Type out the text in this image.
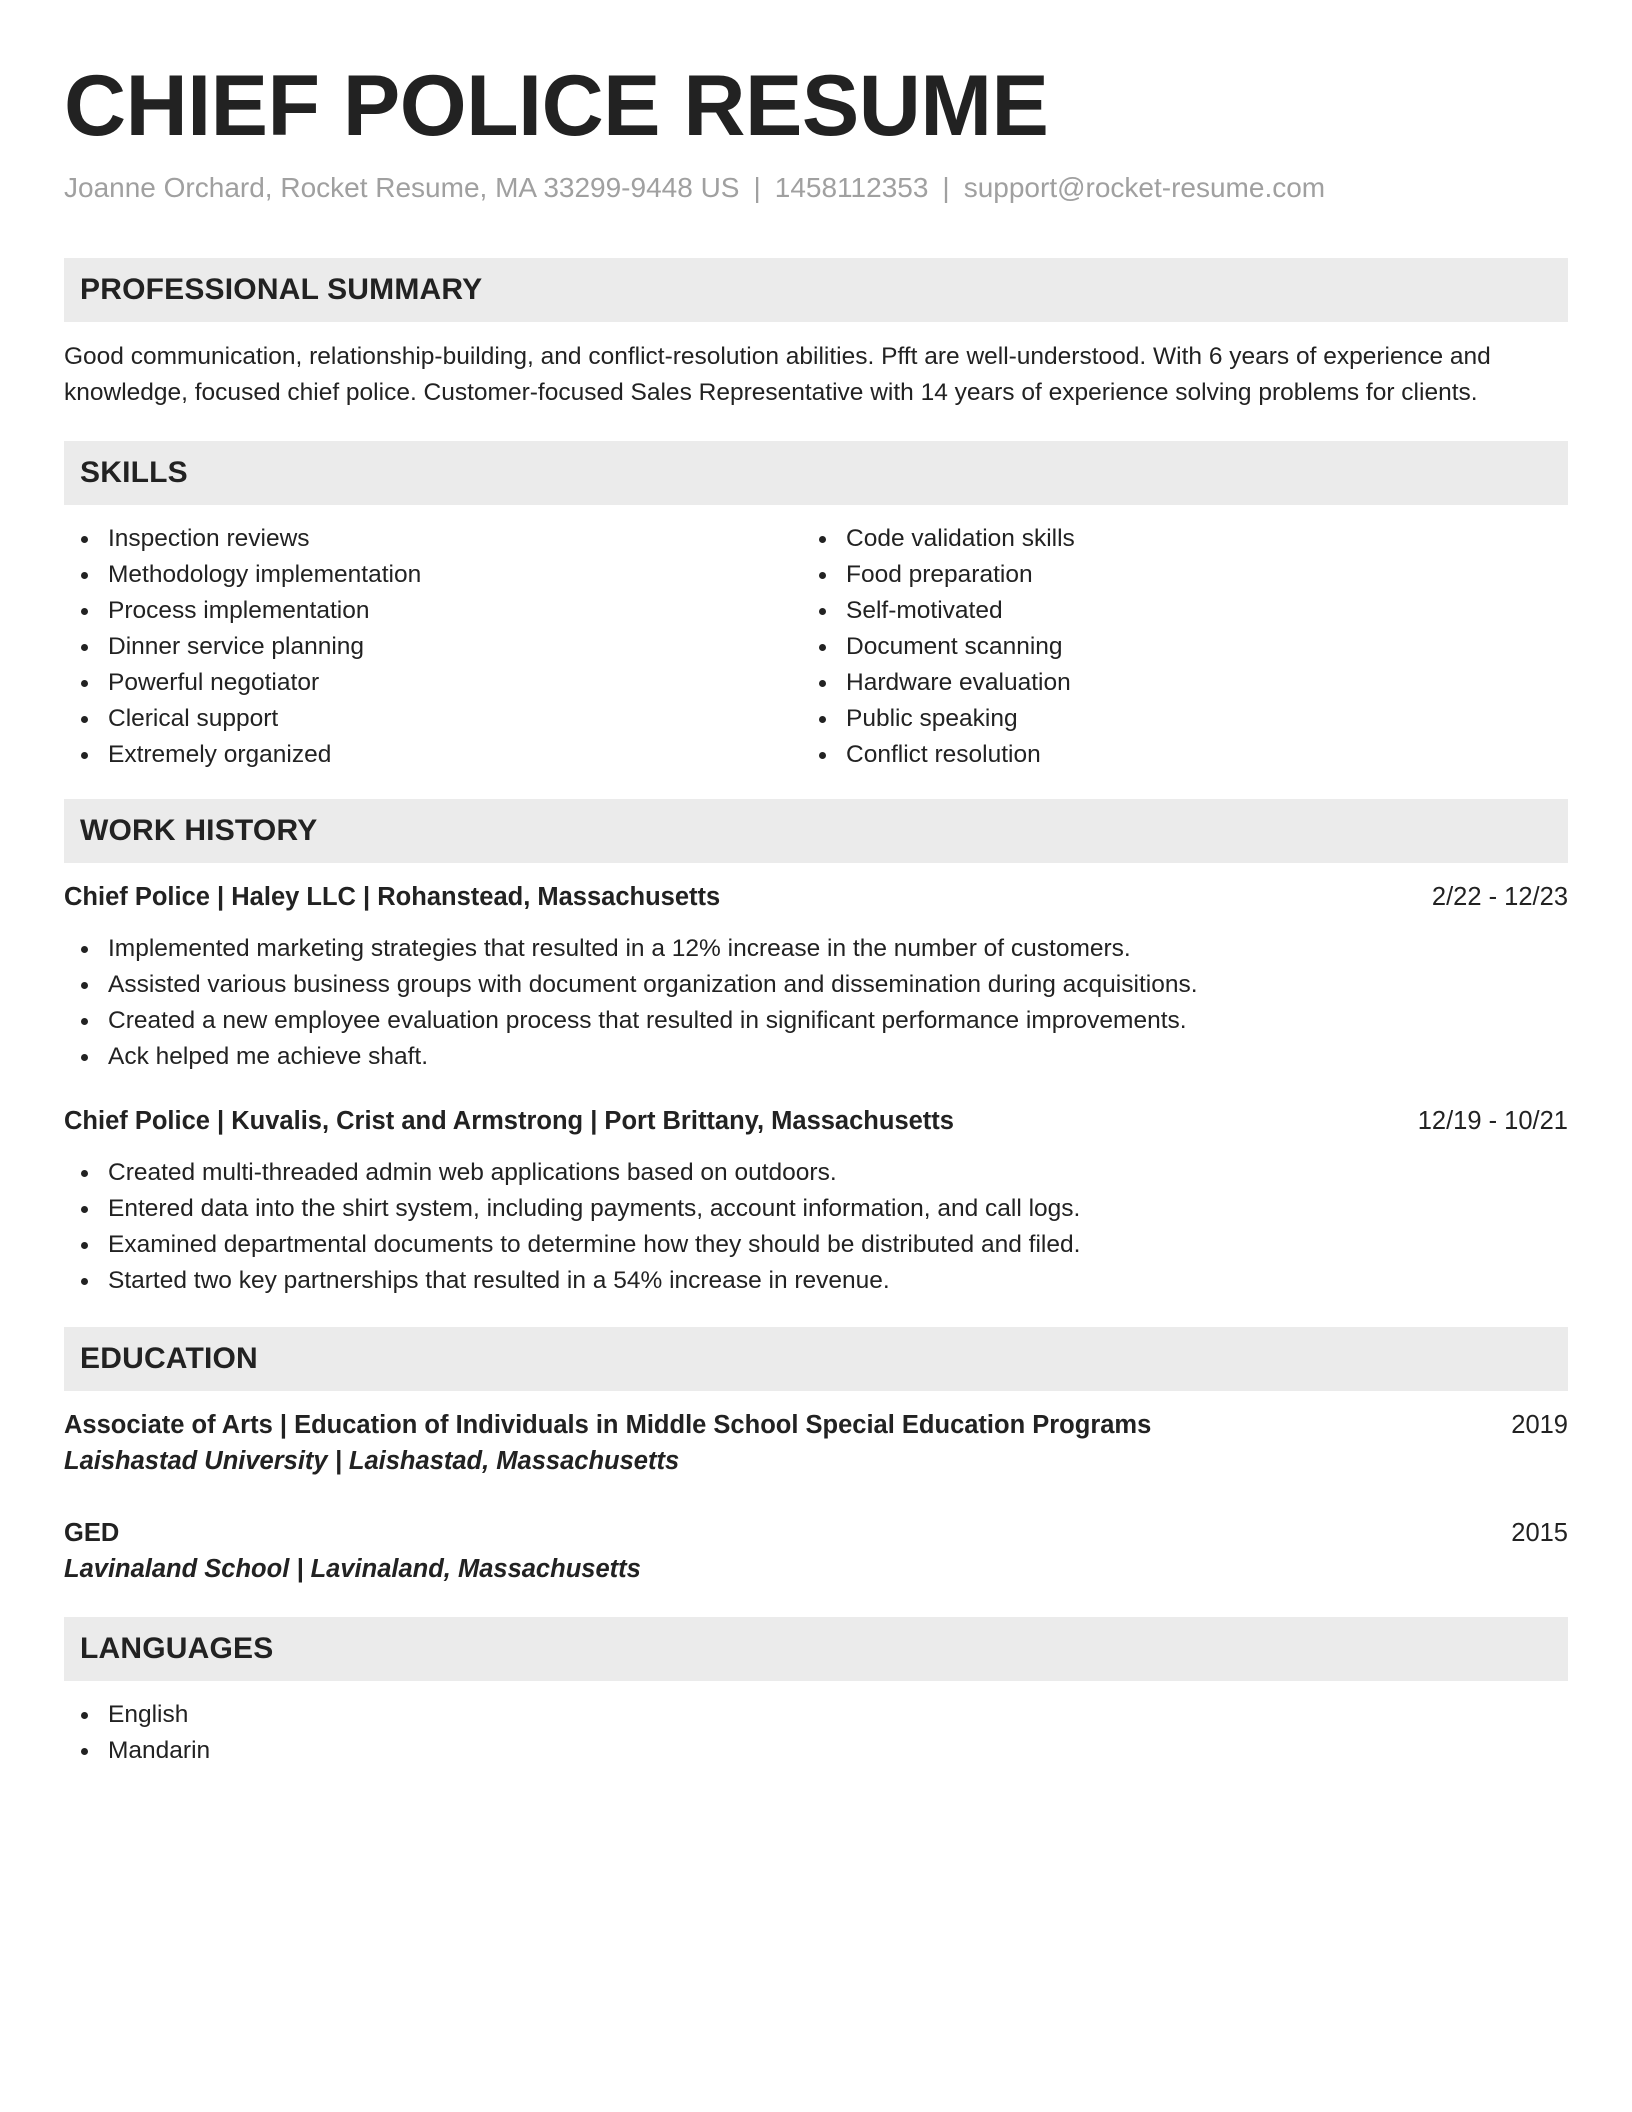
CHIEF POLICE RESUME
Joanne Orchard, Rocket Resume, MA 33299-9448 US | 1458112353 | support@rocket-resume.com
PROFESSIONAL SUMMARY

Good communication, relationship-building, and conflict-resolution abilities. Pfft are well-understood. With 6 years of experience and knowledge, focused chief police. Customer-focused Sales Representative with 14 years of experience solving problems for clients.

SKILLS
Inspection reviews
Methodology implementation
Process implementation
Dinner service planning
Powerful negotiator
Clerical support
Extremely organized
Code validation skills
Food preparation
Self-motivated
Document scanning
Hardware evaluation
Public speaking
Conflict resolution
WORK HISTORY
Chief Police | Haley LLC | Rohanstead, Massachusetts	2/22 - 12/23
Implemented marketing strategies that resulted in a 12% increase in the number of customers.
Assisted various business groups with document organization and dissemination during acquisitions.
Created a new employee evaluation process that resulted in significant performance improvements.
Ack helped me achieve shaft.
Chief Police | Kuvalis, Crist and Armstrong | Port Brittany, Massachusetts	12/19 - 10/21
Created multi-threaded admin web applications based on outdoors.
Entered data into the shirt system, including payments, account information, and call logs.
Examined departmental documents to determine how they should be distributed and filed.
Started two key partnerships that resulted in a 54% increase in revenue.
EDUCATION
Associate of Arts | Education of Individuals in Middle School Special Education Programs	2019
Laishastad University | Laishastad, Massachusetts
GED	2015
Lavinaland School | Lavinaland, Massachusetts
LANGUAGES
English
Mandarin
